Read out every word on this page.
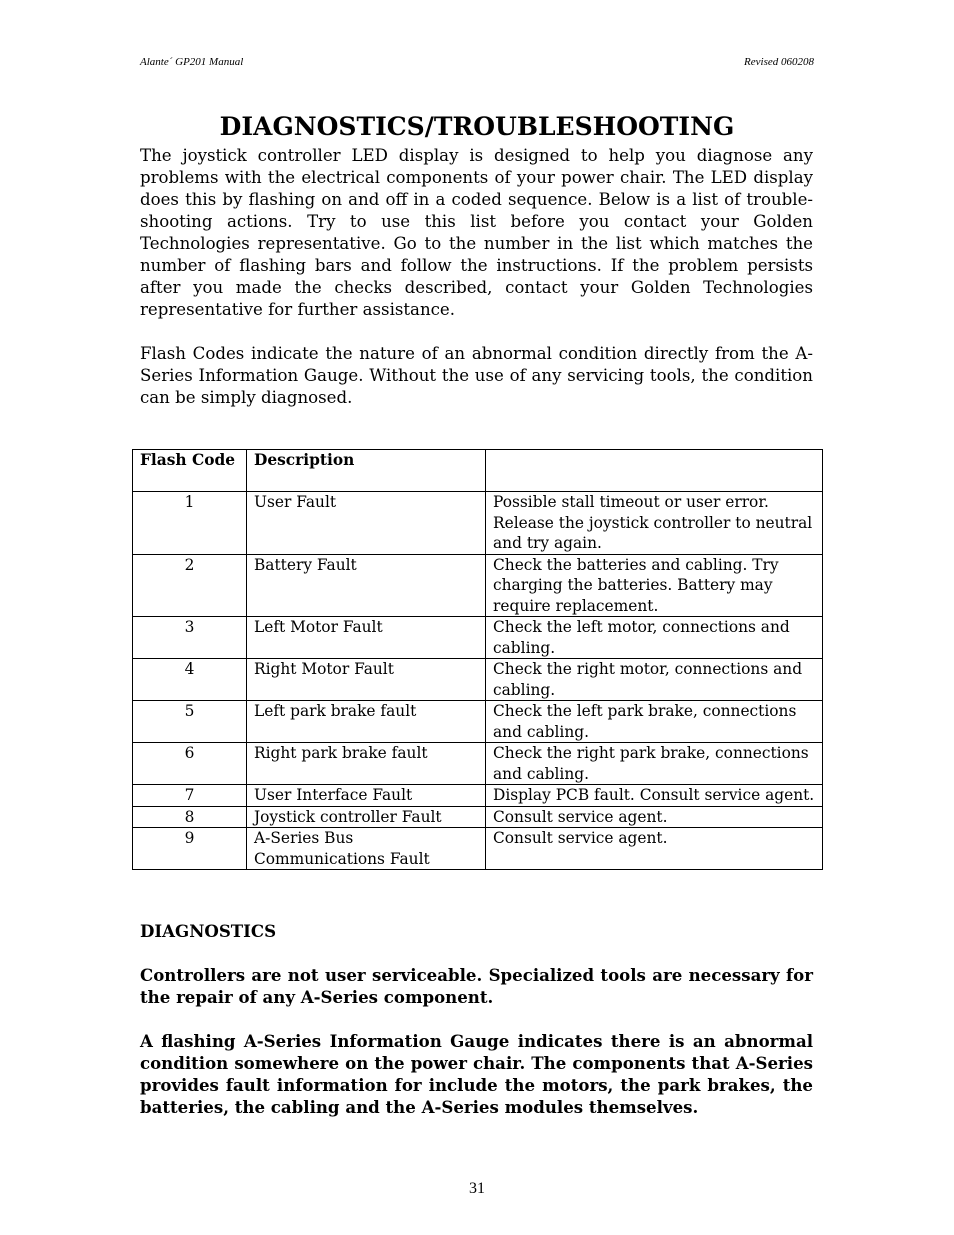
Alante´ GP201 Manual	Revised 060208
DIAGNOSTICS/TROUBLESHOOTING

The joystick controller LED display is designed to help you diagnose any problems with the electrical components of your power chair. The LED display does this by flashing on and off in a coded sequence. Below is a list of trouble-shooting actions. Try to use this list before you contact your Golden Technologies representative. Go to the number in the list which matches the number of flashing bars and follow the instructions. If the problem persists after you made the checks described, contact your Golden Technologies representative for further assistance.

Flash Codes indicate the nature of an abnormal condition directly from the A-Series Information Gauge. Without the use of any servicing tools, the condition can be simply diagnosed.

Flash Code	Description	
1	User Fault	Possible stall timeout or user error. Release the joystick controller to neutral and try again.
2	Battery Fault	Check the batteries and cabling. Try charging the batteries. Battery may require replacement.
3	Left Motor Fault	Check the left motor, connections and cabling.
4	Right Motor Fault	Check the right motor, connections and cabling.
5	Left park brake fault	Check the left park brake, connections and cabling.
6	Right park brake fault	Check the right park brake, connections and cabling.
7	User Interface Fault	Display PCB fault. Consult service agent.
8	Joystick controller Fault	Consult service agent.
9	A-Series Bus Communications Fault	Consult service agent.

DIAGNOSTICS

Controllers are not user serviceable. Specialized tools are necessary for the repair of any A-Series component.

A flashing A-Series Information Gauge indicates there is an abnormal condition somewhere on the power chair. The components that A-Series provides fault information for include the motors, the park brakes, the batteries, the cabling and the A-Series modules themselves.

31
